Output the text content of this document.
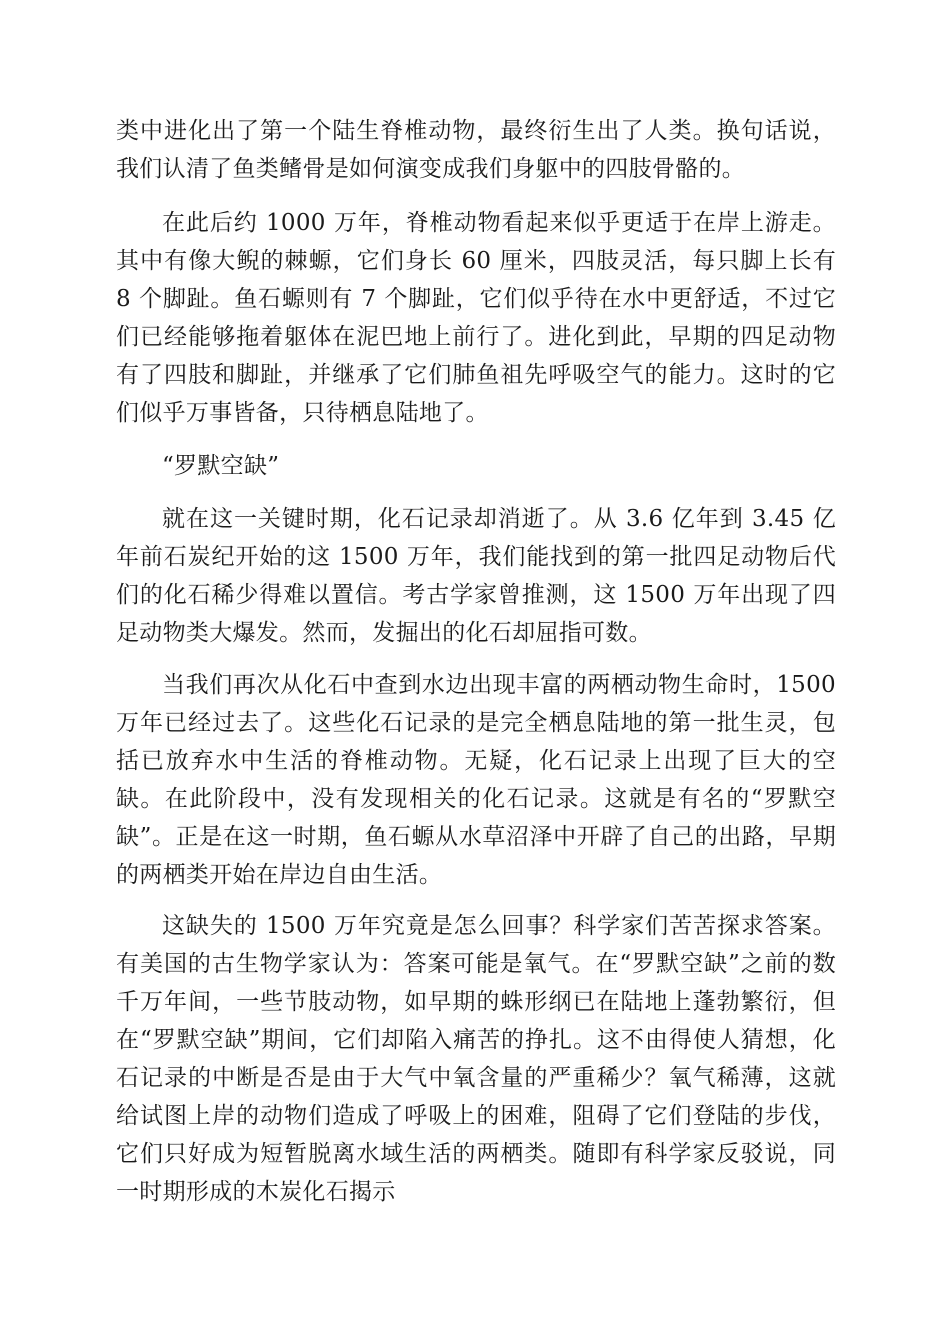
类中进化出了第一个陆生脊椎动物，最终衍生出了人类。换句话说，我们认清了鱼类鳍骨是如何演变成我们身躯中的四肢骨骼的。

在此后约 1000 万年，脊椎动物看起来似乎更适于在岸上游走。其中有像大鲵的棘螈，它们身长 60 厘米，四肢灵活，每只脚上长有 8 个脚趾。鱼石螈则有 7 个脚趾，它们似乎待在水中更舒适，不过它们已经能够拖着躯体在泥巴地上前行了。进化到此，早期的四足动物有了四肢和脚趾，并继承了它们肺鱼祖先呼吸空气的能力。这时的它们似乎万事皆备，只待栖息陆地了。

“罗默空缺”

就在这一关键时期，化石记录却消逝了。从 3.6 亿年到 3.45 亿年前石炭纪开始的这 1500 万年，我们能找到的第一批四足动物后代们的化石稀少得难以置信。考古学家曾推测，这 1500 万年出现了四足动物类大爆发。然而，发掘出的化石却屈指可数。

当我们再次从化石中查到水边出现丰富的两栖动物生命时，1500 万年已经过去了。这些化石记录的是完全栖息陆地的第一批生灵，包括已放弃水中生活的脊椎动物。无疑，化石记录上出现了巨大的空缺。在此阶段中，没有发现相关的化石记录。这就是有名的“罗默空缺”。正是在这一时期，鱼石螈从水草沼泽中开辟了自己的出路，早期的两栖类开始在岸边自由生活。

这缺失的 1500 万年究竟是怎么回事？科学家们苦苦探求答案。有美国的古生物学家认为：答案可能是氧气。在“罗默空缺”之前的数千万年间，一些节肢动物，如早期的蛛形纲已在陆地上蓬勃繁衍，但在“罗默空缺”期间，它们却陷入痛苦的挣扎。这不由得使人猜想，化石记录的中断是否是由于大气中氧含量的严重稀少？氧气稀薄，这就给试图上岸的动物们造成了呼吸上的困难，阻碍了它们登陆的步伐，它们只好成为短暂脱离水域生活的两栖类。随即有科学家反驳说，同一时期形成的木炭化石揭示
